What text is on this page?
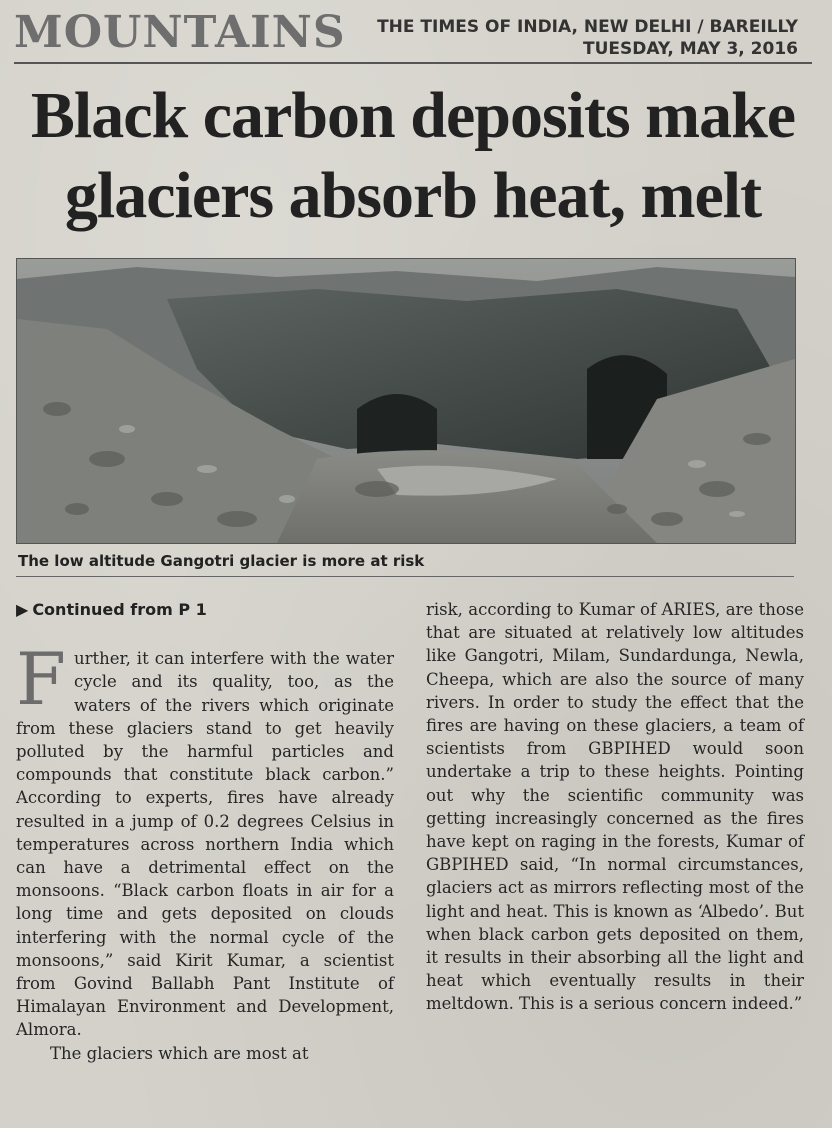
MOUNTAINS THE TIMES OF INDIA, NEW DELHI / BAREILLY
TUESDAY, MAY 3, 2016
Black carbon deposits make
glaciers absorb heat, melt
The low altitude Gangotri glacier is more at risk
▶ Continued from P 1

Further, it can interfere with the water cycle and its quality, too, as the waters of the rivers which originate from these glaciers stand to get heavily polluted by the harmful particles and compounds that constitute black carbon.” According to experts, fires have already resulted in a jump of 0.2 degrees Celsius in temperatures across northern India which can have a detrimental effect on the monsoons. “Black carbon floats in air for a long time and gets deposited on clouds interfering with the normal cycle of the monsoons,” said Kirit Kumar, a scientist from Govind Ballabh Pant Institute of Himalayan Environment and Development, Almora.

The glaciers which are most at

risk, according to Kumar of ARIES, are those that are situated at relatively low altitudes like Gangotri, Milam, Sundardunga, Newla, Cheepa, which are also the source of many rivers. In order to study the effect that the fires are having on these glaciers, a team of scientists from GBPIHED would soon undertake a trip to these heights. Pointing out why the scientific community was getting increasingly concerned as the fires have kept on raging in the forests, Kumar of GBPIHED said, “In normal circumstances, glaciers act as mirrors reflecting most of the light and heat. This is known as ‘Albedo’. But when black carbon gets deposited on them, it results in their absorbing all the light and heat which eventually results in their meltdown. This is a serious concern indeed.”
